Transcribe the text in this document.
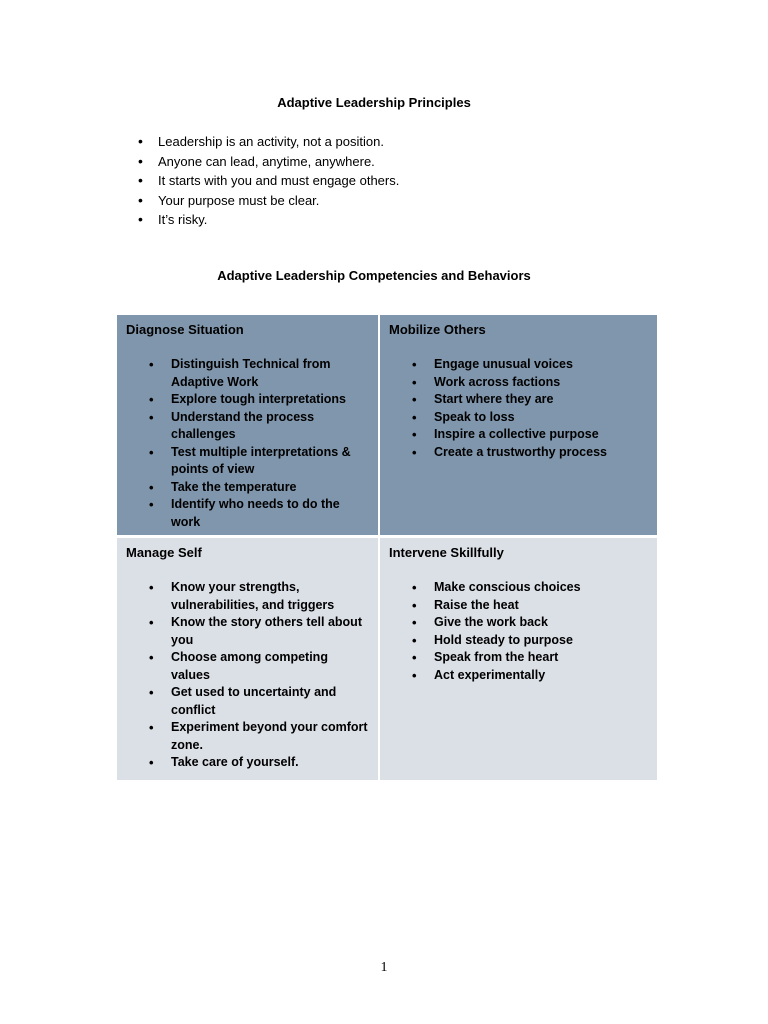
Adaptive Leadership Principles
• Leadership is an activity, not a position.
• Anyone can lead, anytime, anywhere.
• It starts with you and must engage others.
• Your purpose must be clear.
• It’s risky.
Adaptive Leadership Competencies and Behaviors
Diagnose Situation
• Distinguish Technical from Adaptive Work
• Explore tough interpretations
• Understand the process challenges
• Test multiple interpretations & points of view
• Take the temperature
• Identify who needs to do the work
Mobilize Others
• Engage unusual voices
• Work across factions
• Start where they are
• Speak to loss
• Inspire a collective purpose
• Create a trustworthy process
Manage Self
• Know your strengths, vulnerabilities, and triggers
• Know the story others tell about you
• Choose among competing values
• Get used to uncertainty and conflict
• Experiment beyond your comfort zone.
• Take care of yourself.
Intervene Skillfully
• Make conscious choices
• Raise the heat
• Give the work back
• Hold steady to purpose
• Speak from the heart
• Act experimentally
1
